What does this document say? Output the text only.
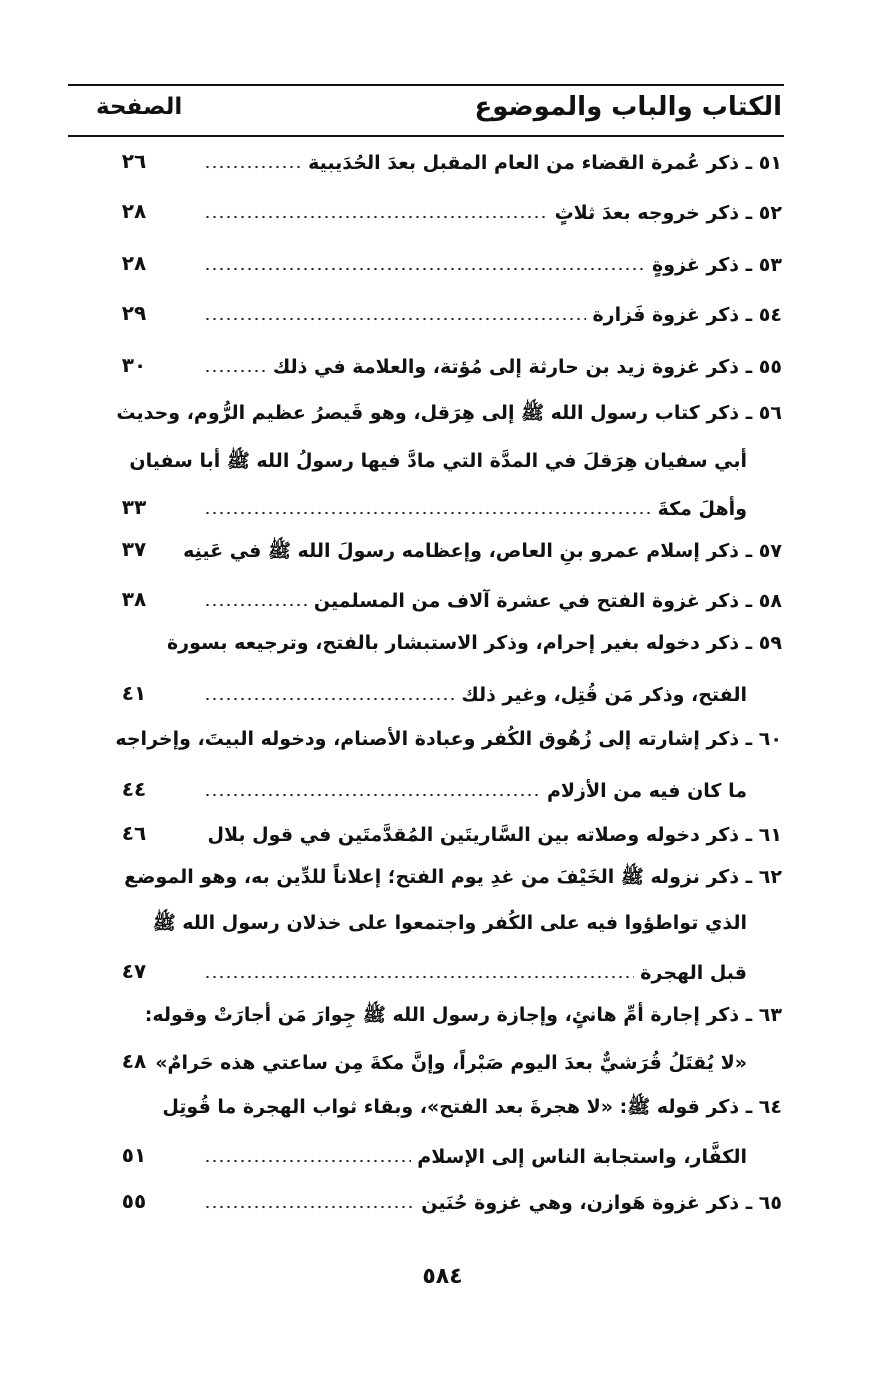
الكتاب والباب والموضوع
الصفحة
٥١ ـ ذكر عُمرة القضاء من العام المقبل بعدَ الحُدَيبية
٢٦
٥٢ ـ ذكر خروجه بعدَ ثلاثٍ
٢٨
٥٣ ـ ذكر غزوةٍ
٢٨
٥٤ ـ ذكر غزوة فَزارة
٢٩
٥٥ ـ ذكر غزوة زيد بن حارثة إلى مُؤتة، والعلامة في ذلك
٣٠
٥٦ ـ ذكر كتاب رسول الله ﷺ إلى هِرَقل، وهو قَيصرُ عظيم الرُّوم، وحديث
أبي سفيان هِرَقلَ في المدَّة التي مادَّ فيها رسولُ الله ﷺ أبا سفيان
وأهلَ مكةَ
٣٣
٥٧ ـ ذكر إسلام عمرو بنِ العاص، وإعظامه رسولَ الله ﷺ في عَينِه
٣٧
٥٨ ـ ذكر غزوة الفتح في عشرة آلاف من المسلمين
٣٨
٥٩ ـ ذكر دخوله بغير إحرام، وذكر الاستبشار بالفتح، وترجيعه بسورة
الفتح، وذكر مَن قُتِل، وغير ذلك
٤١
٦٠ ـ ذكر إشارته إلى زُهُوق الكُفر وعبادة الأصنام، ودخوله البيتَ، وإخراجه
ما كان فيه من الأزلام
٤٤
٦١ ـ ذكر دخوله وصلاته بين السَّاريتَين المُقدَّمتَين في قول بلال
٤٦
٦٢ ـ ذكر نزوله ﷺ الخَيْفَ من غدِ يوم الفتح؛ إعلاناً للدِّين به، وهو الموضع
الذي تواطؤوا فيه على الكُفر واجتمعوا على خذلان رسول الله ﷺ
قبل الهجرة
٤٧
٦٣ ـ ذكر إجارة أمِّ هانئٍ، وإجازة رسول الله ﷺ جِوارَ مَن أجارَتْ وقوله:
«لا يُقتَلُ قُرَشيٌّ بعدَ اليوم صَبْراً، وإنَّ مكةَ مِن ساعتي هذه حَرامٌ»
٤٨
٦٤ ـ ذكر قوله ﷺ: «لا هجرةَ بعد الفتح»، وبقاء ثواب الهجرة ما قُوتِل
الكفَّار، واستجابة الناس إلى الإسلام
٥١
٦٥ ـ ذكر غزوة هَوازن، وهي غزوة حُنَين
٥٥
٥٨٤
